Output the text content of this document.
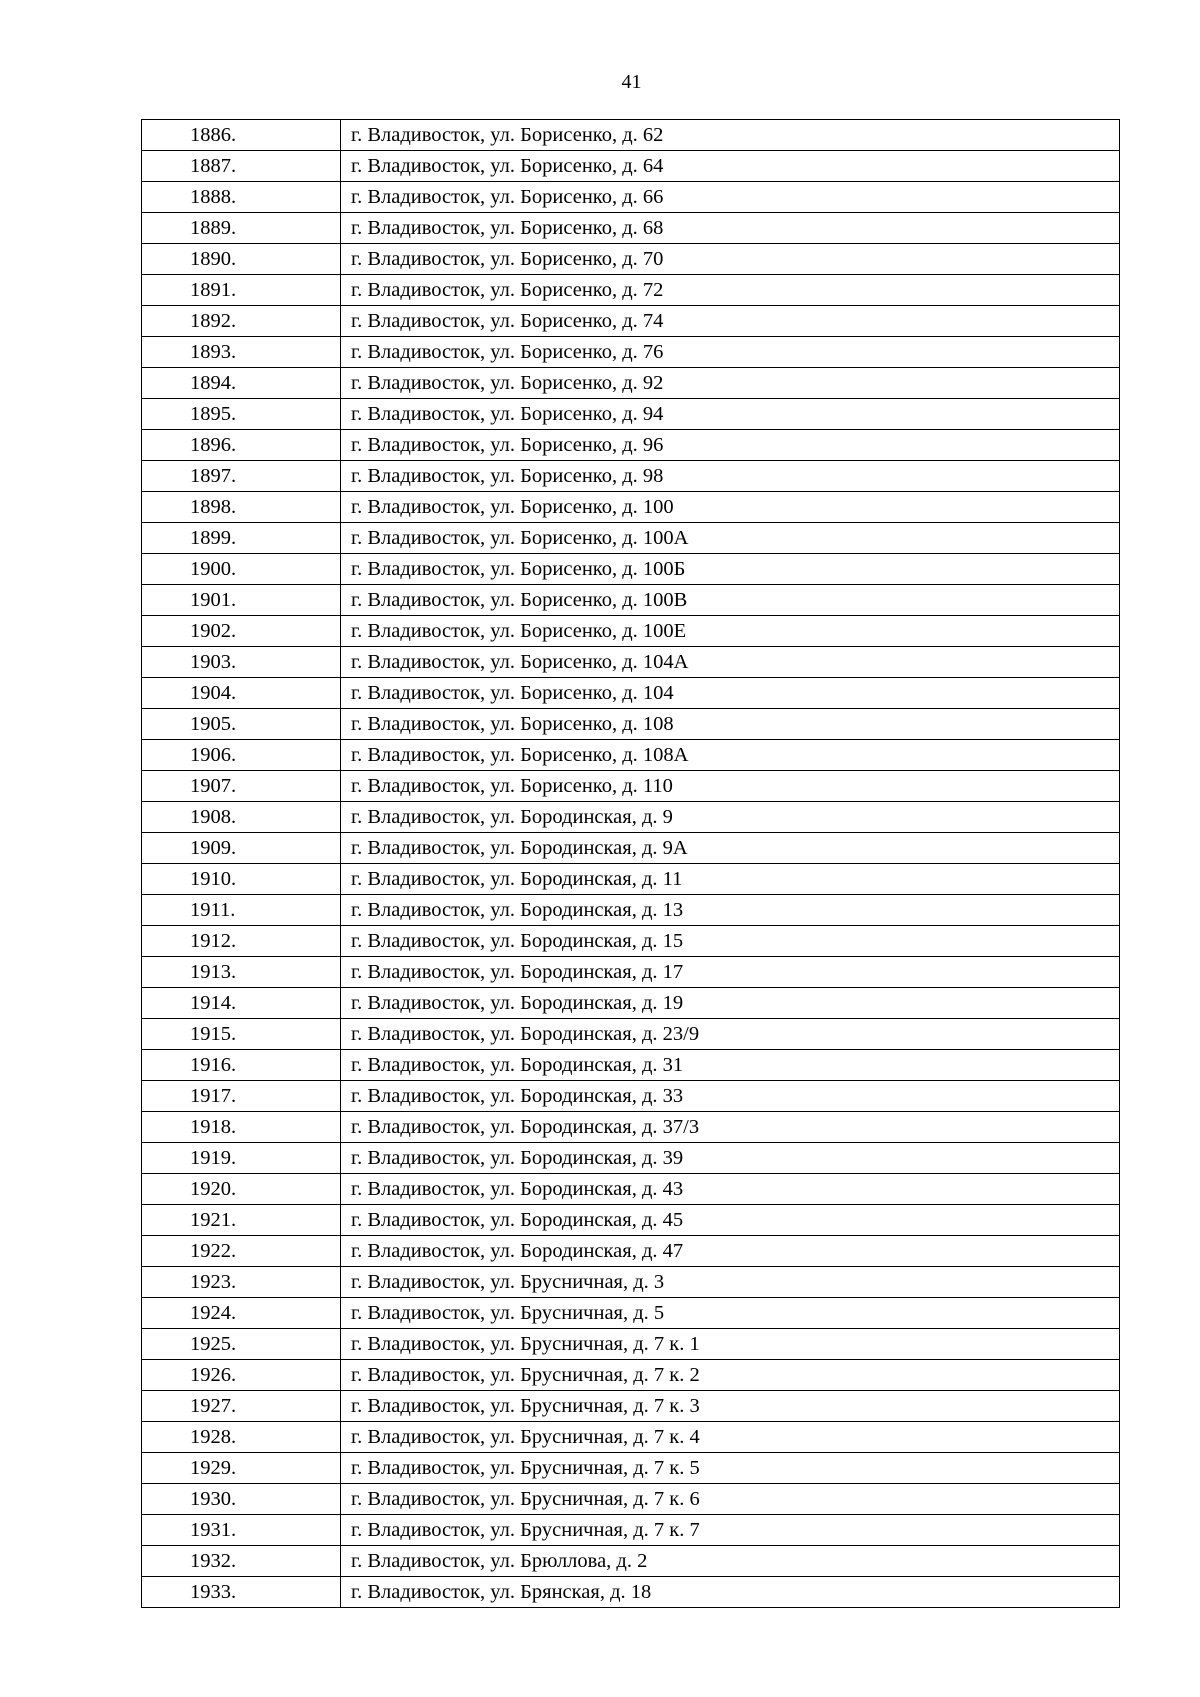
41
1886.	г. Владивосток, ул. Борисенко, д. 62
1887.	г. Владивосток, ул. Борисенко, д. 64
1888.	г. Владивосток, ул. Борисенко, д. 66
1889.	г. Владивосток, ул. Борисенко, д. 68
1890.	г. Владивосток, ул. Борисенко, д. 70
1891.	г. Владивосток, ул. Борисенко, д. 72
1892.	г. Владивосток, ул. Борисенко, д. 74
1893.	г. Владивосток, ул. Борисенко, д. 76
1894.	г. Владивосток, ул. Борисенко, д. 92
1895.	г. Владивосток, ул. Борисенко, д. 94
1896.	г. Владивосток, ул. Борисенко, д. 96
1897.	г. Владивосток, ул. Борисенко, д. 98
1898.	г. Владивосток, ул. Борисенко, д. 100
1899.	г. Владивосток, ул. Борисенко, д. 100А
1900.	г. Владивосток, ул. Борисенко, д. 100Б
1901.	г. Владивосток, ул. Борисенко, д. 100В
1902.	г. Владивосток, ул. Борисенко, д. 100Е
1903.	г. Владивосток, ул. Борисенко, д. 104А
1904.	г. Владивосток, ул. Борисенко, д. 104
1905.	г. Владивосток, ул. Борисенко, д. 108
1906.	г. Владивосток, ул. Борисенко, д. 108А
1907.	г. Владивосток, ул. Борисенко, д. 110
1908.	г. Владивосток, ул. Бородинская, д. 9
1909.	г. Владивосток, ул. Бородинская, д. 9А
1910.	г. Владивосток, ул. Бородинская, д. 11
1911.	г. Владивосток, ул. Бородинская, д. 13
1912.	г. Владивосток, ул. Бородинская, д. 15
1913.	г. Владивосток, ул. Бородинская, д. 17
1914.	г. Владивосток, ул. Бородинская, д. 19
1915.	г. Владивосток, ул. Бородинская, д. 23/9
1916.	г. Владивосток, ул. Бородинская, д. 31
1917.	г. Владивосток, ул. Бородинская, д. 33
1918.	г. Владивосток, ул. Бородинская, д. 37/3
1919.	г. Владивосток, ул. Бородинская, д. 39
1920.	г. Владивосток, ул. Бородинская, д. 43
1921.	г. Владивосток, ул. Бородинская, д. 45
1922.	г. Владивосток, ул. Бородинская, д. 47
1923.	г. Владивосток, ул. Брусничная, д. 3
1924.	г. Владивосток, ул. Брусничная, д. 5
1925.	г. Владивосток, ул. Брусничная, д. 7 к. 1
1926.	г. Владивосток, ул. Брусничная, д. 7 к. 2
1927.	г. Владивосток, ул. Брусничная, д. 7 к. 3
1928.	г. Владивосток, ул. Брусничная, д. 7 к. 4
1929.	г. Владивосток, ул. Брусничная, д. 7 к. 5
1930.	г. Владивосток, ул. Брусничная, д. 7 к. 6
1931.	г. Владивосток, ул. Брусничная, д. 7 к. 7
1932.	г. Владивосток, ул. Брюллова, д. 2
1933.	г. Владивосток, ул. Брянская, д. 18
